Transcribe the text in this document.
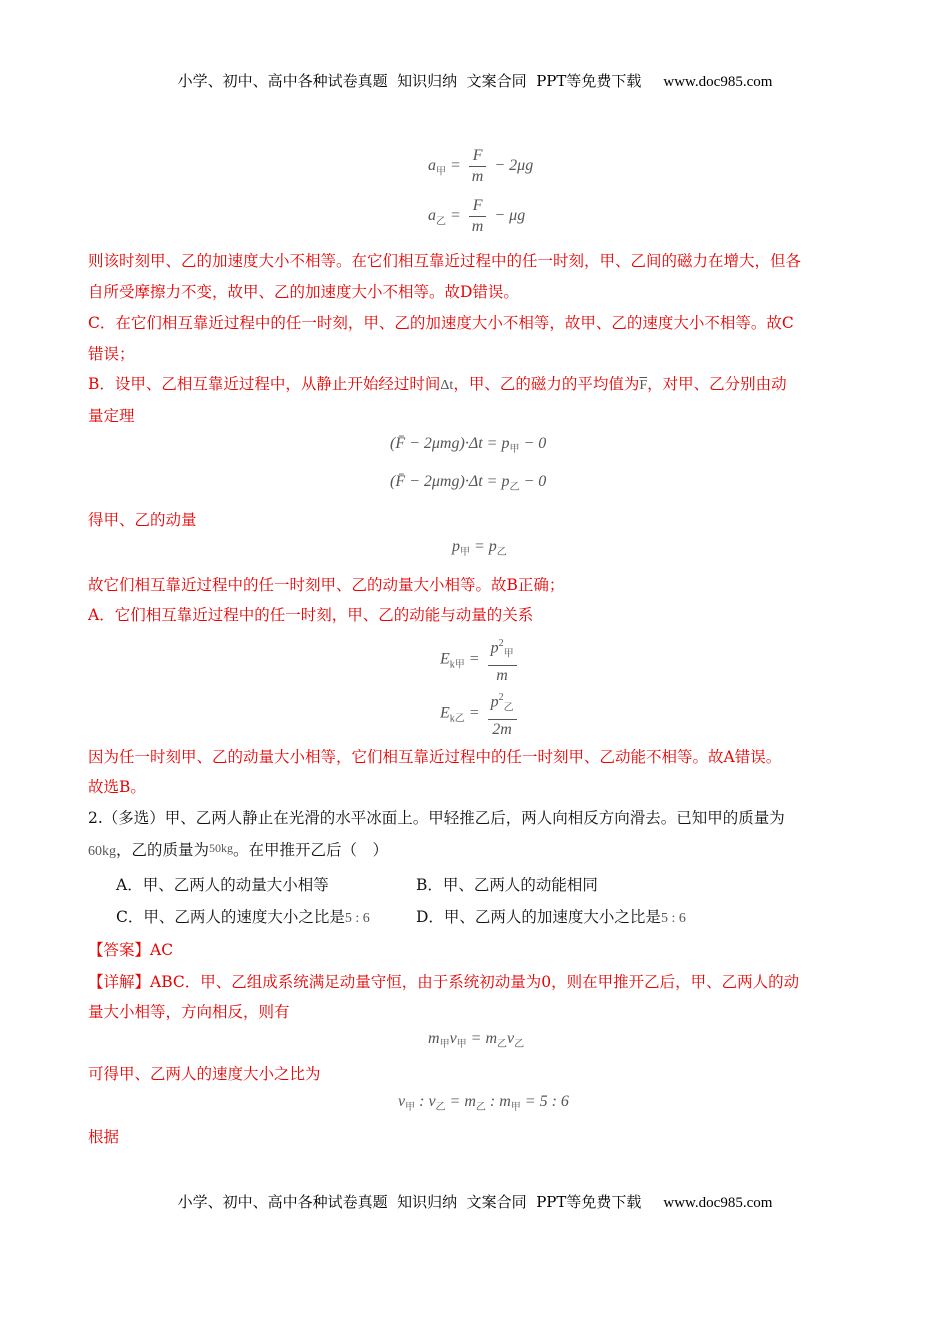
小学、初中、高中各种试卷真题  知识归纳  文案合同  PPT等免费下载 www.doc985.com
$a_甲 = \frac{F}{m} - 2\mu g$
$a_乙 = \frac{F}{m} - \mu g$
则该时刻甲、乙的加速度大小不相等。在它们相互靠近过程中的任一时刻，甲、乙间的磁力在增大，但各
自所受摩擦力不变，故甲、乙的加速度大小不相等。故D错误。
C．在它们相互靠近过程中的任一时刻，甲、乙的加速度大小不相等，故甲、乙的速度大小不相等。故C
错误；
B．设甲、乙相互靠近过程中，从静止开始经过时间Δt，甲、乙的磁力的平均值为$\overline{F}$，对甲、乙分别由动
量定理
(F̄ − $2\mu mg)\cdot\Delta t = p_甲 - 0$
(F̄ − $2\mu mg)\cdot\Delta t = p_乙 - 0$
得甲、乙的动量
$p_甲 = p_乙$
故它们相互靠近过程中的任一时刻甲、乙的动量大小相等。故B正确；
A．它们相互靠近过程中的任一时刻，甲、乙的动能与动量的关系
$E_{k甲} = \frac{p^2_甲}{m}$
$E_{k乙} = \frac{p^2_乙}{2m}$
因为任一时刻甲、乙的动量大小相等，它们相互靠近过程中的任一时刻甲、乙动能不相等。故A错误。
故选B。
2.（多选）甲、乙两人静止在光滑的水平冰面上。甲轻推乙后，两人向相反方向滑去。已知甲的质量为
60kg，乙的质量为50kg。在甲推开乙后（　）
A．甲、乙两人的动量大小相等	B．甲、乙两人的动能相同
C．甲、乙两人的速度大小之比是5 : 6	D．甲、乙两人的加速度大小之比是5 : 6
【答案】AC
【详解】ABC．甲、乙组成系统满足动量守恒，由于系统初动量为0，则在甲推开乙后，甲、乙两人的动
量大小相等，方向相反，则有
$m_甲v_甲 = m_乙v_乙$
可得甲、乙两人的速度大小之比为
$v_甲$ : $v_乙 = m_乙$ : $m_甲 = 5$ : 6
根据
小学、初中、高中各种试卷真题  知识归纳  文案合同  PPT等免费下载 www.doc985.com
